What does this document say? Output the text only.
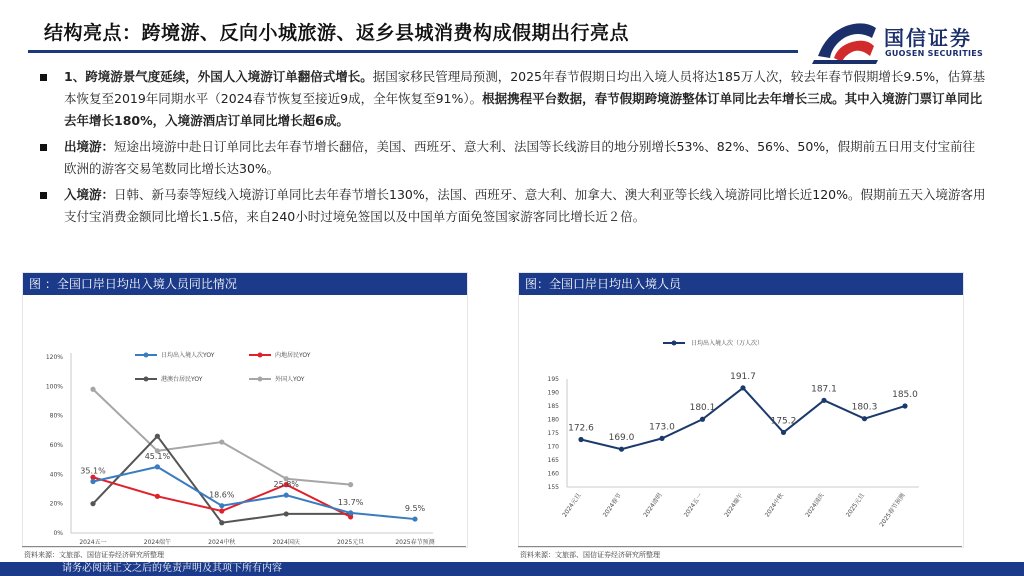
结构亮点：跨境游、反向小城旅游、返乡县城消费构成假期出行亮点	国信证券
GUOSEN SECURITIES
1、跨境游景气度延续，外国人入境游订单翻倍式增长。据国家移民管理局预测，2025年春节假期日均出入境人员将达185万人次，较去年春节假期增长9.5%，估算基本恢复至2019年同期水平（2024春节恢复至接近9成，全年恢复至91%）。根据携程平台数据，春节假期跨境游整体订单同比去年增长三成。其中入境游门票订单同比去年增长180%，入境游酒店订单同比增长超6成。
出境游：短途出境游中赴日订单同比去年春节增长翻倍，美国、西班牙、意大利、法国等长线游目的地分别增长53%、82%、56%、50%，假期前五日用支付宝前往欧洲的游客交易笔数同比增长达30%。
入境游：日韩、新马泰等短线入境游订单同比去年春节增长130%，法国、西班牙、意大利、加拿大、澳大利亚等长线入境游同比增长近120%。假期前五天入境游客用支付宝消费金额同比增长1.5倍，来自240小时过境免签国以及中国单方面免签国家游客同比增长近２倍。
图 ：全国口岸日均出入境人员同比情况
0%
20%
40%
60%
80%
100%
120%
2024五一	2024端午	2024中秋	2024国庆	2025元旦	2025春节预测
日均出入境人次YOY	内地居民YOY
港澳台居民YOY	外国人YOY
35.1%
45.1%
18.6%
25.8%
13.7%
9.5%
资料来源：文旅部、国信证券经济研究所整理
图：全国口岸日均出入境人员
155
160
165
170
175
180
185
190
195
2024元旦	2024春节	2024清明	2024五一	2024端午	2024中秋	2024国庆	2025元旦 2025春节预测
日均出入境人次（万人次）
172.6
169.0
173.0
180.1
191.7
175.2
187.1
180.3
185.0
资料来源：文旅部、国信证券经济研究所整理
请务必阅读正文之后的免责声明及其项下所有内容
